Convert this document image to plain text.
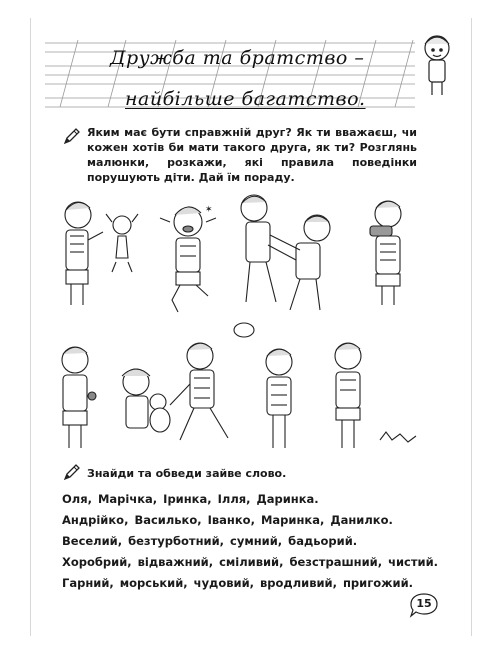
Дружба та братство –
найбільше багатство.
Яким має бути справжній друг? Як ти вважаєш, чи кожен хотів би мати такого друга, як ти? Розглянь малюнки, розкажи, які правила поведінки порушують діти. Дай їм пораду.
✶
Знайди та обведи зайве слово.
Оля, Марічка, Іринка, Ілля, Даринка.
Андрійко, Василько, Іванко, Маринка, Данилко.
Веселий, безтурботний, сумний, бадьорий.
Хоробрий, відважний, сміливий, безстрашний, чистий.
Гарний, морський, чудовий, вродливий, пригожий.
15
